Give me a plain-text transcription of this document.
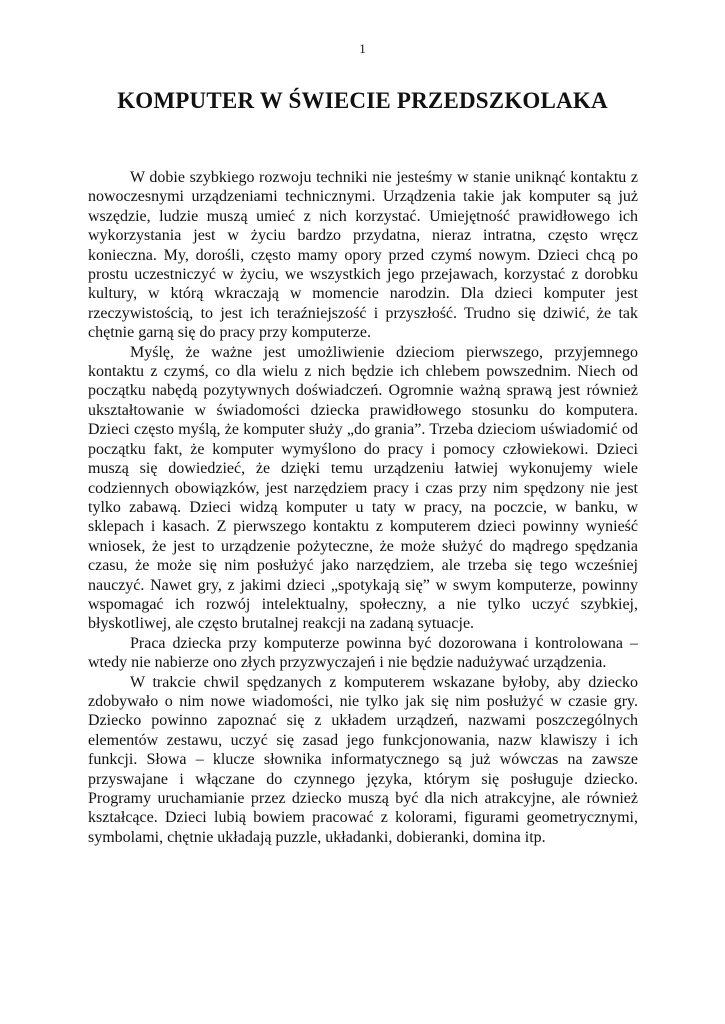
1
KOMPUTER W ŚWIECIE PRZEDSZKOLAKA

W dobie szybkiego rozwoju techniki nie jesteśmy w stanie uniknąć kontaktu z nowoczesnymi urządzeniami technicznymi. Urządzenia takie jak komputer są już wszędzie, ludzie muszą umieć z nich korzystać. Umiejętność prawidłowego ich wykorzystania jest w życiu bardzo przydatna, nieraz intratna, często wręcz konieczna. My, dorośli, często mamy opory przed czymś nowym. Dzieci chcą po prostu uczestniczyć w życiu, we wszystkich jego przejawach, korzystać z dorobku kultury, w którą wkraczają w momencie narodzin. Dla dzieci komputer jest rzeczywistością, to jest ich teraźniejszość i przyszłość. Trudno się dziwić, że tak chętnie garną się do pracy przy komputerze.

Myślę, że ważne jest umożliwienie dzieciom pierwszego, przyjemnego kontaktu z czymś, co dla wielu z nich będzie ich chlebem powszednim. Niech od początku nabędą pozytywnych doświadczeń. Ogromnie ważną sprawą jest również ukształtowanie w świadomości dziecka prawidłowego stosunku do komputera. Dzieci często myślą, że komputer służy „do grania”. Trzeba dzieciom uświadomić od początku fakt, że komputer wymyślono do pracy i pomocy człowiekowi. Dzieci muszą się dowiedzieć, że dzięki temu urządzeniu łatwiej wykonujemy wiele codziennych obowiązków, jest narzędziem pracy i czas przy nim spędzony nie jest tylko zabawą. Dzieci widzą komputer u taty w pracy, na poczcie, w banku, w sklepach i kasach. Z pierwszego kontaktu z komputerem dzieci powinny wynieść wniosek, że jest to urządzenie pożyteczne, że może służyć do mądrego spędzania czasu, że może się nim posłużyć jako narzędziem, ale trzeba się tego wcześniej nauczyć. Nawet gry, z jakimi dzieci „spotykają się” w swym komputerze, powinny wspomagać ich rozwój intelektualny, społeczny, a nie tylko uczyć szybkiej, błyskotliwej, ale często brutalnej reakcji na zadaną sytuacje.

Praca dziecka przy komputerze powinna być dozorowana i kontrolowana – wtedy nie nabierze ono złych przyzwyczajeń i nie będzie nadużywać urządzenia.

W trakcie chwil spędzanych z komputerem wskazane byłoby, aby dziecko zdobywało o nim nowe wiadomości, nie tylko jak się nim posłużyć w czasie gry. Dziecko powinno zapoznać się z układem urządzeń, nazwami poszczególnych elementów zestawu, uczyć się zasad jego funkcjonowania, nazw klawiszy i ich funkcji. Słowa – klucze słownika informatycznego są już wówczas na zawsze przyswajane i włączane do czynnego języka, którym się posługuje dziecko. Programy uruchamianie przez dziecko muszą być dla nich atrakcyjne, ale również kształcące. Dzieci lubią bowiem pracować z kolorami, figurami geometrycznymi, symbolami, chętnie układają puzzle, układanki, dobieranki, domina itp.
